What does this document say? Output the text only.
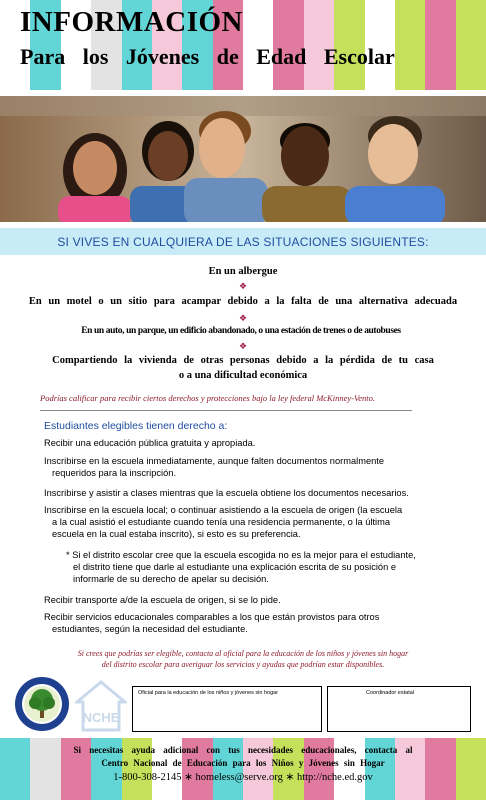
INFORMACIÓN
Para los Jóvenes de Edad Escolar
SI VIVES EN CUALQUIERA DE LAS SITUACIONES SIGUIENTES:
En un albergue
❖
En un motel o un sitio para acampar debido a la falta de una alternativa adecuada
❖
En un auto, un parque, un edificio abandonado, o una estación de trenes o de autobuses
❖
Compartiendo la vivienda de otras personas debido a la pérdida de tu casa
o a una dificultad económica
Podrías calificar para recibir ciertos derechos y protecciones bajo la ley federal McKinney-Vento.
Estudiantes elegibles tienen derecho a:
Recibir una educación pública gratuita y apropiada.
Inscribirse en la escuela inmediatamente, aunque falten documentos normalmente
requeridos para la inscripción.
Inscribirse y asistir a clases mientras que la escuela obtiene los documentos necesarios.
Inscribirse en la escuela local; o continuar asistiendo a la escuela de origen (la escuela
a la cual asistió el estudiante cuando tenía una residencia permanente, o la última
escuela en la cual estaba inscrito), si esto es su preferencia.
* Si el distrito escolar cree que la escuela escogida no es la mejor para el estudiante,
el distrito tiene que darle al estudiante una explicación escrita de su posición e
informarle de su derecho de apelar su decisión.
Recibir transporte a/de la escuela de origen, si se lo pide.
Recibir servicios educacionales comparables a los que están provistos para otros
estudiantes, según la necesidad del estudiante.
Si crees que podrías ser elegible, contacta al oficial para la educación de los niños y jóvenes sin hogar
del distrito escolar para averiguar los servicios y ayudas que podrían estar disponibles.
NCHE
Oficial para la educación de los niños y jóvenes sin hogar	Coordinador estatal
Si necesitas ayuda adicional con tus necesidades educacionales, contacta al
Centro Nacional de Educación para los Niños y Jóvenes sin Hogar
1-800-308-2145 ∗ homeless@serve.org ∗ http://nche.ed.gov
